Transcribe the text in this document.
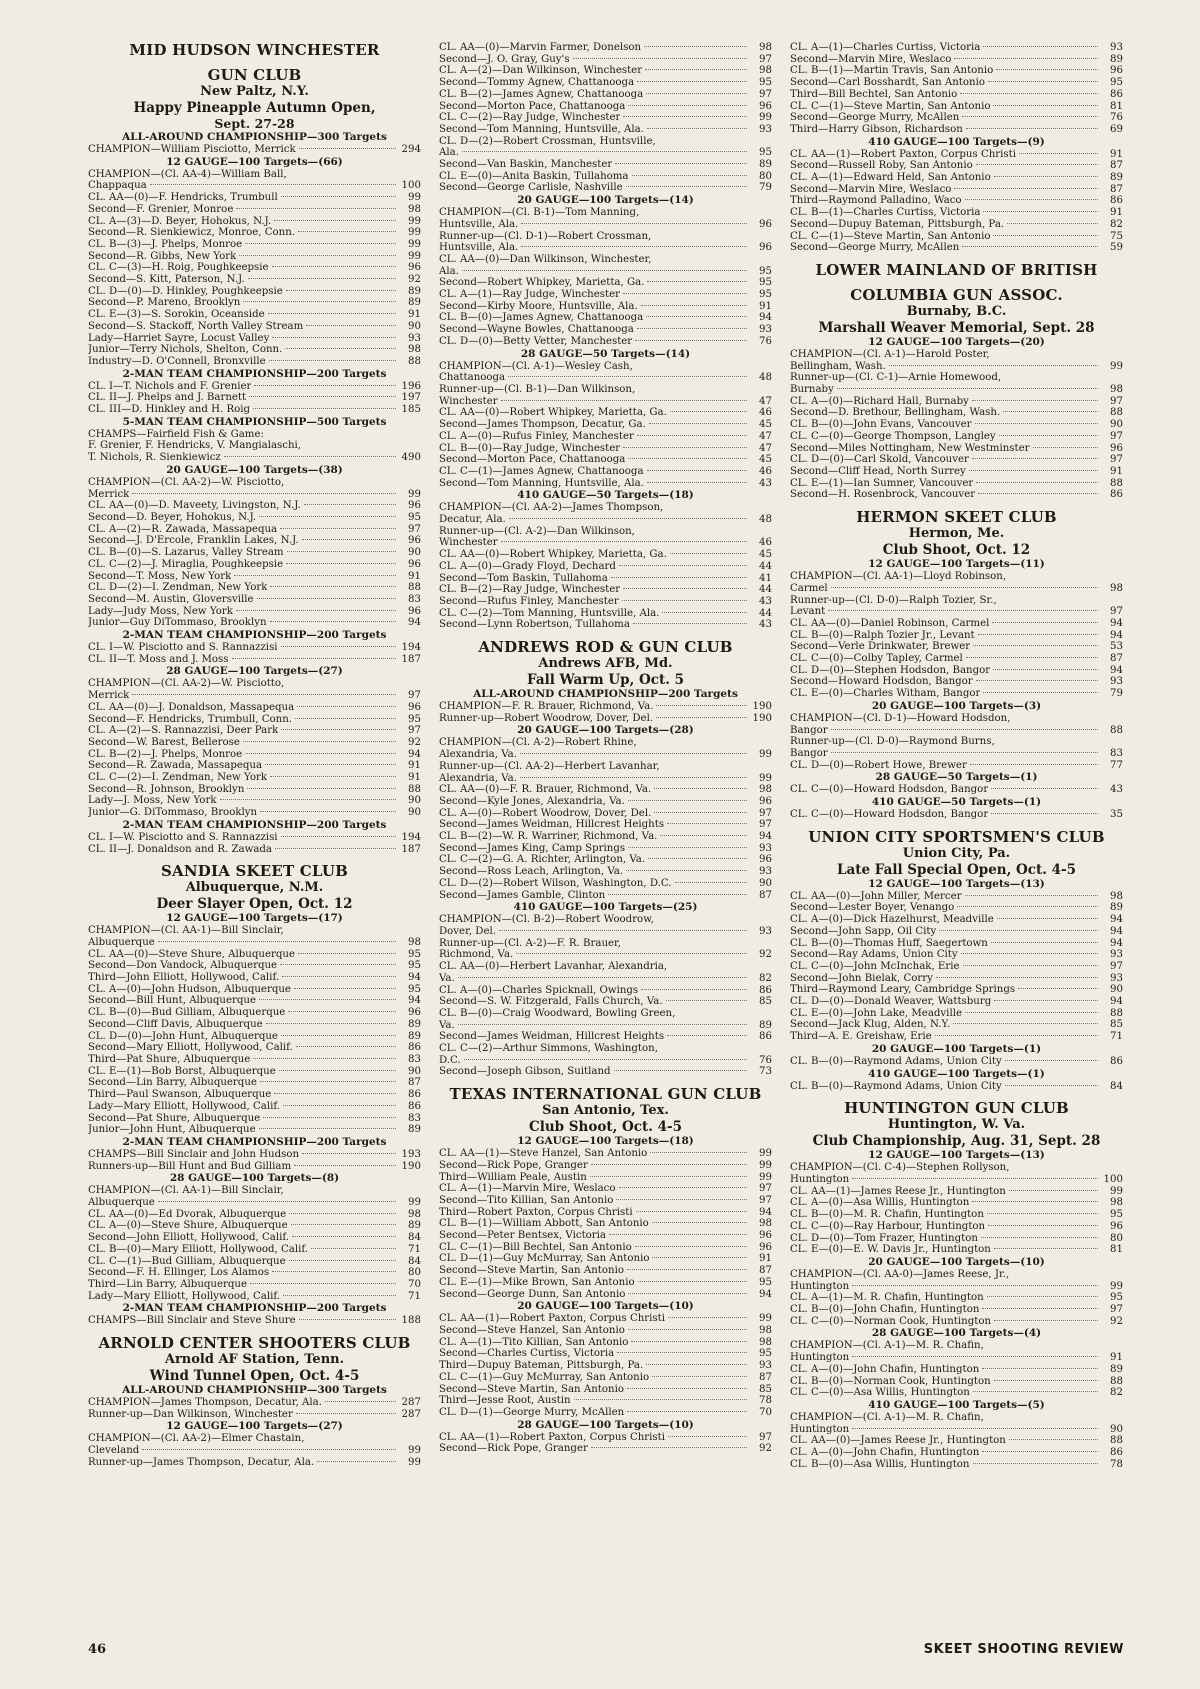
MID HUDSON WINCHESTER
GUN CLUB
New Paltz, N.Y.
Happy Pineapple Autumn Open,
Sept. 27-28
ALL-AROUND CHAMPIONSHIP—300 Targets
CHAMPION—William Pisciotto, Merrick	294
12 GAUGE—100 Targets—(66)
CHAMPION—(Cl. AA-4)—William Ball,
Chappaqua	100
CL. AA—(0)—F. Hendricks, Trumbull	99
Second—F. Grenier, Monroe	98
CL. A—(3)—D. Beyer, Hohokus, N.J.	99
Second—R. Sienkiewicz, Monroe, Conn.	99
CL. B—(3)—J. Phelps, Monroe	99
Second—R. Gibbs, New York	99
CL. C—(3)—H. Roig, Poughkeepsie	96
Second—S. Kitt, Paterson, N.J.	92
CL. D—(0)—D. Hinkley, Poughkeepsie	89
Second—P. Mareno, Brooklyn	89
CL. E—(3)—S. Sorokin, Oceanside	91
Second—S. Stackoff, North Valley Stream	90
Lady—Harriet Sayre, Locust Valley	93
Junior—Terry Nichols, Shelton, Conn.	98
Industry—D. O'Connell, Bronxville	88
2-MAN TEAM CHAMPIONSHIP—200 Targets
CL. I—T. Nichols and F. Grenier	196
CL. II—J. Phelps and J. Barnett	197
CL. III—D. Hinkley and H. Roig	185
5-MAN TEAM CHAMPIONSHIP—500 Targets
CHAMPS—Fairfield Fish & Game:
F. Grenier, F. Hendricks, V. Mangialaschi,
T. Nichols, R. Sienkiewicz	490
20 GAUGE—100 Targets—(38)
CHAMPION—(Cl. AA-2)—W. Pisciotto,
Merrick	99
CL. AA—(0)—D. Maveety, Livingston, N.J.	96
Second—D. Beyer, Hohokus, N.J.	95
CL. A—(2)—R. Zawada, Massapequa	97
Second—J. D'Ercole, Franklin Lakes, N.J.	96
CL. B—(0)—S. Lazarus, Valley Stream	90
CL. C—(2)—J. Miraglia, Poughkeepsie	96
Second—T. Moss, New York	91
CL. D—(2)—I. Zendman, New York	88
Second—M. Austin, Gloversville	83
Lady—Judy Moss, New York	96
Junior—Guy DiTommaso, Brooklyn	94
2-MAN TEAM CHAMPIONSHIP—200 Targets
CL. I—W. Pisciotto and S. Rannazzisi	194
CL. II—T. Moss and J. Moss	187
28 GAUGE—100 Targets—(27)
CHAMPION—(Cl. AA-2)—W. Pisciotto,
Merrick	97
CL. AA—(0)—J. Donaldson, Massapequa	96
Second—F. Hendricks, Trumbull, Conn.	95
CL. A—(2)—S. Rannazzisi, Deer Park	97
Second—W. Barest, Bellerose	92
CL. B—(2)—J. Phelps, Monroe	94
Second—R. Zawada, Massapequa	91
CL. C—(2)—I. Zendman, New York	91
Second—R. Johnson, Brooklyn	88
Lady—J. Moss, New York	90
Junior—G. DiTommaso, Brooklyn	90
2-MAN TEAM CHAMPIONSHIP—200 Targets
CL. I—W. Pisciotto and S. Rannazzisi	194
CL. II—J. Donaldson and R. Zawada	187
SANDIA SKEET CLUB
Albuquerque, N.M.
Deer Slayer Open, Oct. 12
12 GAUGE—100 Targets—(17)
CHAMPION—(Cl. AA-1)—Bill Sinclair,
Albuquerque	98
CL. AA—(0)—Steve Shure, Albuquerque	95
Second—Don Vandock, Albuquerque	95
Third—John Elliott, Hollywood, Calif.	94
CL. A—(0)—John Hudson, Albuquerque	95
Second—Bill Hunt, Albuquerque	94
CL. B—(0)—Bud Gilliam, Albuquerque	96
Second—Cliff Davis, Albuquerque	89
CL. D—(0)—John Hunt, Albuquerque	89
Second—Mary Elliott, Hollywood, Calif.	86
Third—Pat Shure, Albuquerque	83
CL. E—(1)—Bob Borst, Albuquerque	90
Second—Lin Barry, Albuquerque	87
Third—Paul Swanson, Albuquerque	86
Lady—Mary Elliott, Hollywood, Calif.	86
Second—Pat Shure, Albuquerque	83
Junior—John Hunt, Albuquerque	89
2-MAN TEAM CHAMPIONSHIP—200 Targets
CHAMPS—Bill Sinclair and John Hudson	193
Runners-up—Bill Hunt and Bud Gilliam	190
28 GAUGE—100 Targets—(8)
CHAMPION—(Cl. AA-1)—Bill Sinclair,
Albuquerque	99
CL. AA—(0)—Ed Dvorak, Albuquerque	98
CL. A—(0)—Steve Shure, Albuquerque	89
Second—John Elliott, Hollywood, Calif.	84
CL. B—(0)—Mary Elliott, Hollywood, Calif.	71
CL. C—(1)—Bud Gilliam, Albuquerque	84
Second—F. H. Ellinger, Los Alamos	80
Third—Lin Barry, Albuquerque	70
Lady—Mary Elliott, Hollywood, Calif.	71
2-MAN TEAM CHAMPIONSHIP—200 Targets
CHAMPS—Bill Sinclair and Steve Shure	188
ARNOLD CENTER SHOOTERS CLUB
Arnold AF Station, Tenn.
Wind Tunnel Open, Oct. 4-5
ALL-AROUND CHAMPIONSHIP—300 Targets
CHAMPION—James Thompson, Decatur, Ala.	287
Runner-up—Dan Wilkinson, Winchester	287
12 GAUGE—100 Targets—(27)
CHAMPION—(Cl. AA-2)—Elmer Chastain,
Cleveland	99
Runner-up—James Thompson, Decatur, Ala.	99
CL. AA—(0)—Marvin Farmer, Donelson	98
Second—J. O. Gray, Guy's	97
CL. A—(2)—Dan Wilkinson, Winchester	98
Second—Tommy Agnew, Chattanooga	95
CL. B—(2)—James Agnew, Chattanooga	97
Second—Morton Pace, Chattanooga	96
CL. C—(2)—Ray Judge, Winchester	99
Second—Tom Manning, Huntsville, Ala.	93
CL. D—(2)—Robert Crossman, Huntsville,
Ala.	95
Second—Van Baskin, Manchester	89
CL. E—(0)—Anita Baskin, Tullahoma	80
Second—George Carlisle, Nashville	79
20 GAUGE—100 Targets—(14)
CHAMPION—(Cl. B-1)—Tom Manning,
Huntsville, Ala.	96
Runner-up—(Cl. D-1)—Robert Crossman,
Huntsville, Ala.	96
CL. AA—(0)—Dan Wilkinson, Winchester,
Ala.	95
Second—Robert Whipkey, Marietta, Ga.	95
CL. A—(1)—Ray Judge, Winchester	95
Second—Kirby Moore, Huntsville, Ala.	91
CL. B—(0)—James Agnew, Chattanooga	94
Second—Wayne Bowles, Chattanooga	93
CL. D—(0)—Betty Vetter, Manchester	76
28 GAUGE—50 Targets—(14)
CHAMPION—(Cl. A-1)—Wesley Cash,
Chattanooga	48
Runner-up—(Cl. B-1)—Dan Wilkinson,
Winchester	47
CL. AA—(0)—Robert Whipkey, Marietta, Ga.	46
Second—James Thompson, Decatur, Ga.	45
CL. A—(0)—Rufus Finley, Manchester	47
CL. B—(0)—Ray Judge, Winchester	47
Second—Morton Pace, Chattanooga	45
CL. C—(1)—James Agnew, Chattanooga	46
Second—Tom Manning, Huntsville, Ala.	43
410 GAUGE—50 Targets—(18)
CHAMPION—(Cl. AA-2)—James Thompson,
Decatur, Ala.	48
Runner-up—(Cl. A-2)—Dan Wilkinson,
Winchester	46
CL. AA—(0)—Robert Whipkey, Marietta, Ga.	45
CL. A—(0)—Grady Floyd, Dechard	44
Second—Tom Baskin, Tullahoma	41
CL. B—(2)—Ray Judge, Winchester	44
Second—Rufus Finley, Manchester	43
CL. C—(2)—Tom Manning, Huntsville, Ala.	44
Second—Lynn Robertson, Tullahoma	43
ANDREWS ROD & GUN CLUB
Andrews AFB, Md.
Fall Warm Up, Oct. 5
ALL-AROUND CHAMPIONSHIP—200 Targets
CHAMPION—F. R. Brauer, Richmond, Va.	190
Runner-up—Robert Woodrow, Dover, Del.	190
20 GAUGE—100 Targets—(28)
CHAMPION—(Cl. A-2)—Robert Rhine,
Alexandria, Va.	99
Runner-up—(Cl. AA-2)—Herbert Lavanhar,
Alexandria, Va.	99
CL. AA—(0)—F. R. Brauer, Richmond, Va.	98
Second—Kyle Jones, Alexandria, Va.	96
CL. A—(0)—Robert Woodrow, Dover, Del.	97
Second—James Weidman, Hillcrest Heights	97
CL. B—(2)—W. R. Warriner, Richmond, Va.	94
Second—James King, Camp Springs	93
CL. C—(2)—G. A. Richter, Arlington, Va.	96
Second—Ross Leach, Arlington, Va.	93
CL. D—(2)—Robert Wilson, Washington, D.C.	90
Second—James Gamble, Clinton	87
410 GAUGE—100 Targets—(25)
CHAMPION—(Cl. B-2)—Robert Woodrow,
Dover, Del.	93
Runner-up—(Cl. A-2)—F. R. Brauer,
Richmond, Va.	92
CL. AA—(0)—Herbert Lavanhar, Alexandria,
Va.	82
CL. A—(0)—Charles Spicknall, Owings	86
Second—S. W. Fitzgerald, Falls Church, Va.	85
CL. B—(0)—Craig Woodward, Bowling Green,
Va.	89
Second—James Weidman, Hillcrest Heights	86
CL. C—(2)—Arthur Simmons, Washington,
D.C.	76
Second—Joseph Gibson, Suitland	73
TEXAS INTERNATIONAL GUN CLUB
San Antonio, Tex.
Club Shoot, Oct. 4-5
12 GAUGE—100 Targets—(18)
CL. AA—(1)—Steve Hanzel, San Antonio	99
Second—Rick Pope, Granger	99
Third—William Peale, Austin	99
CL. A—(1)—Marvin Mire, Weslaco	97
Second—Tito Killian, San Antonio	97
Third—Robert Paxton, Corpus Christi	94
CL. B—(1)—William Abbott, San Antonio	98
Second—Peter Bentsex, Victoria	96
CL. C—(1)—Bill Bechtel, San Antonio	96
CL. D—(1)—Guy McMurray, San Antonio	91
Second—Steve Martin, San Antonio	87
CL. E—(1)—Mike Brown, San Antonio	95
Second—George Dunn, San Antonio	94
20 GAUGE—100 Targets—(10)
CL. AA—(1)—Robert Paxton, Corpus Christi	99
Second—Steve Hanzel, San Antonio	98
CL. A—(1)—Tito Killian, San Antonio	98
Second—Charles Curtiss, Victoria	95
Third—Dupuy Bateman, Pittsburgh, Pa.	93
CL. C—(1)—Guy McMurray, San Antonio	87
Second—Steve Martin, San Antonio	85
Third—Jesse Root, Austin	78
CL. D—(1)—George Murry, McAllen	70
28 GAUGE—100 Targets—(10)
CL. AA—(1)—Robert Paxton, Corpus Christi	97
Second—Rick Pope, Granger	92
CL. A—(1)—Charles Curtiss, Victoria	93
Second—Marvin Mire, Weslaco	89
CL. B—(1)—Martin Travis, San Antonio	96
Second—Carl Bosshardt, San Antonio	95
Third—Bill Bechtel, San Antonio	86
CL. C—(1)—Steve Martin, San Antonio	81
Second—George Murry, McAllen	76
Third—Harry Gibson, Richardson	69
410 GAUGE—100 Targets—(9)
CL. AA—(1)—Robert Paxton, Corpus Christi	91
Second—Russell Roby, San Antonio	87
CL. A—(1)—Edward Held, San Antonio	89
Second—Marvin Mire, Weslaco	87
Third—Raymond Palladino, Waco	86
CL. B—(1)—Charles Curtiss, Victoria	91
Second—Dupuy Bateman, Pittsburgh, Pa.	82
CL. C—(1)—Steve Martin, San Antonio	75
Second—George Murry, McAllen	59
LOWER MAINLAND OF BRITISH
COLUMBIA GUN ASSOC.
Burnaby, B.C.
Marshall Weaver Memorial, Sept. 28
12 GAUGE—100 Targets—(20)
CHAMPION—(Cl. A-1)—Harold Poster,
Bellingham, Wash.	99
Runner-up—(Cl. C-1)—Arnie Homewood,
Burnaby	98
CL. A—(0)—Richard Hall, Burnaby	97
Second—D. Brethour, Bellingham, Wash.	88
CL. B—(0)—John Evans, Vancouver	90
CL. C—(0)—George Thompson, Langley	97
Second—Miles Nottingham, New Westminster	96
CL. D—(0)—Carl Skold, Vancouver	97
Second—Cliff Head, North Surrey	91
CL. E—(1)—Ian Sumner, Vancouver	88
Second—H. Rosenbrock, Vancouver	86
HERMON SKEET CLUB
Hermon, Me.
Club Shoot, Oct. 12
12 GAUGE—100 Targets—(11)
CHAMPION—(Cl. AA-1)—Lloyd Robinson,
Carmel	98
Runner-up—(Cl. D-0)—Ralph Tozier, Sr.,
Levant	97
CL. AA—(0)—Daniel Robinson, Carmel	94
CL. B—(0)—Ralph Tozier Jr., Levant	94
Second—Verle Drinkwater, Brewer	53
CL. C—(0)—Colby Tapley, Carmel	87
CL. D—(0)—Stephen Hodsdon, Bangor	94
Second—Howard Hodsdon, Bangor	93
CL. E—(0)—Charles Witham, Bangor	79
20 GAUGE—100 Targets—(3)
CHAMPION—(Cl. D-1)—Howard Hodsdon,
Bangor	88
Runner-up—(Cl. D-0)—Raymond Burns,
Bangor	83
CL. D—(0)—Robert Howe, Brewer	77
28 GAUGE—50 Targets—(1)
CL. C—(0)—Howard Hodsdon, Bangor	43
410 GAUGE—50 Targets—(1)
CL. C—(0)—Howard Hodsdon, Bangor	35
UNION CITY SPORTSMEN'S CLUB
Union City, Pa.
Late Fall Special Open, Oct. 4-5
12 GAUGE—100 Targets—(13)
CL. AA—(0)—John Miller, Mercer	98
Second—Lester Boyer, Venango	89
CL. A—(0)—Dick Hazelhurst, Meadville	94
Second—John Sapp, Oil City	94
CL. B—(0)—Thomas Huff, Saegertown	94
Second—Ray Adams, Union City	93
CL. C—(0)—John McInchak, Erie	97
Second—John Bielak, Corry	93
Third—Raymond Leary, Cambridge Springs	90
CL. D—(0)—Donald Weaver, Wattsburg	94
CL. E—(0)—John Lake, Meadville	88
Second—Jack Klug, Alden, N.Y.	85
Third—A. E. Greishaw, Erie	71
20 GAUGE—100 Targets—(1)
CL. B—(0)—Raymond Adams, Union City	86
410 GAUGE—100 Targets—(1)
CL. B—(0)—Raymond Adams, Union City	84
HUNTINGTON GUN CLUB
Huntington, W. Va.
Club Championship, Aug. 31, Sept. 28
12 GAUGE—100 Targets—(13)
CHAMPION—(Cl. C-4)—Stephen Rollyson,
Huntington	100
CL. AA—(1)—James Reese Jr., Huntington	99
CL. A—(0)—Asa Willis, Huntington	98
CL. B—(0)—M. R. Chafin, Huntington	95
CL. C—(0)—Ray Harbour, Huntington	96
CL. D—(0)—Tom Frazer, Huntington	80
CL. E—(0)—E. W. Davis Jr., Huntington	81
20 GAUGE—100 Targets—(10)
CHAMPION—(Cl. AA-0)—James Reese, Jr.,
Huntington	99
CL. A—(1)—M. R. Chafin, Huntington	95
CL. B—(0)—John Chafin, Huntington	97
CL. C—(0)—Norman Cook, Huntington	92
28 GAUGE—100 Targets—(4)
CHAMPION—(Cl. A-1)—M. R. Chafin,
Huntington	91
CL. A—(0)—John Chafin, Huntington	89
CL. B—(0)—Norman Cook, Huntington	88
CL. C—(0)—Asa Willis, Huntington	82
410 GAUGE—100 Targets—(5)
CHAMPION—(Cl. A-1)—M. R. Chafin,
Huntington	90
CL. AA—(0)—James Reese Jr., Huntington	88
CL. A—(0)—John Chafin, Huntington	86
CL. B—(0)—Asa Willis, Huntington	78
46	SKEET SHOOTING REVIEW
